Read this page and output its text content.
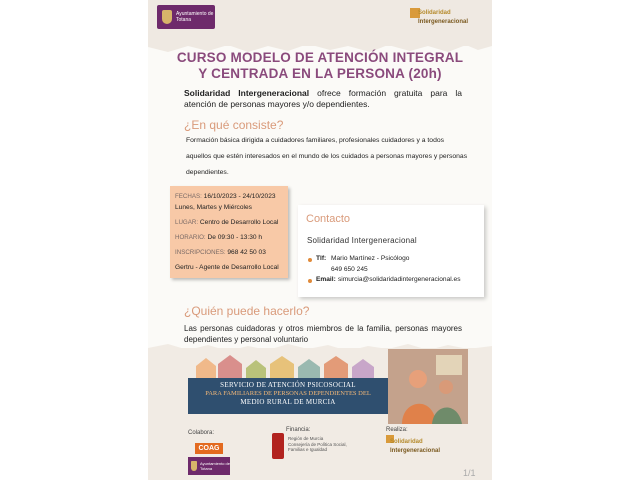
Ayuntamiento de
Totana
Solidaridad
Intergeneracional
CURSO MODELO DE ATENCIÓN INTEGRAL
Y CENTRADA EN LA PERSONA (20h)
Solidaridad Intergeneracional ofrece formación gratuita para la atención de personas mayores y/o dependientes.
¿En qué consiste?
Formación básica dirigida a cuidadores familiares, profesionales cuidadores y a todos aquellos que estén interesados en el mundo de los cuidados a personas mayores y personas dependientes.
FECHAS: 16/10/2023 - 24/10/2023
Lunes, Martes y Miércoles
LUGAR: Centro de Desarrollo Local
HORARIO: De 09:30 - 13:30 h
INSCRIPCIONES: 968 42 50 03
Gertru - Agente de Desarrollo Local
Contacto
Solidaridad Intergeneracional
Tlf: Mario Martínez - Psicólogo
649 650 245
Email: simurcia@solidaridadintergeneracional.es
¿Quién puede hacerlo?
Las personas cuidadoras y otros miembros de la familia, personas mayores dependientes y personal voluntario
SERVICIO DE ATENCIÓN PSICOSOCIAL
PARA FAMILIARES DE PERSONAS DEPENDIENTES DEL
MEDIO RURAL DE MURCIA
Colabora:	Financia:	Realiza:
COAG
Ayuntamiento de
Totana
Región de Murcia
Consejería de Política Social,
Familias e Igualdad
Solidaridad
Intergeneracional
1/1
